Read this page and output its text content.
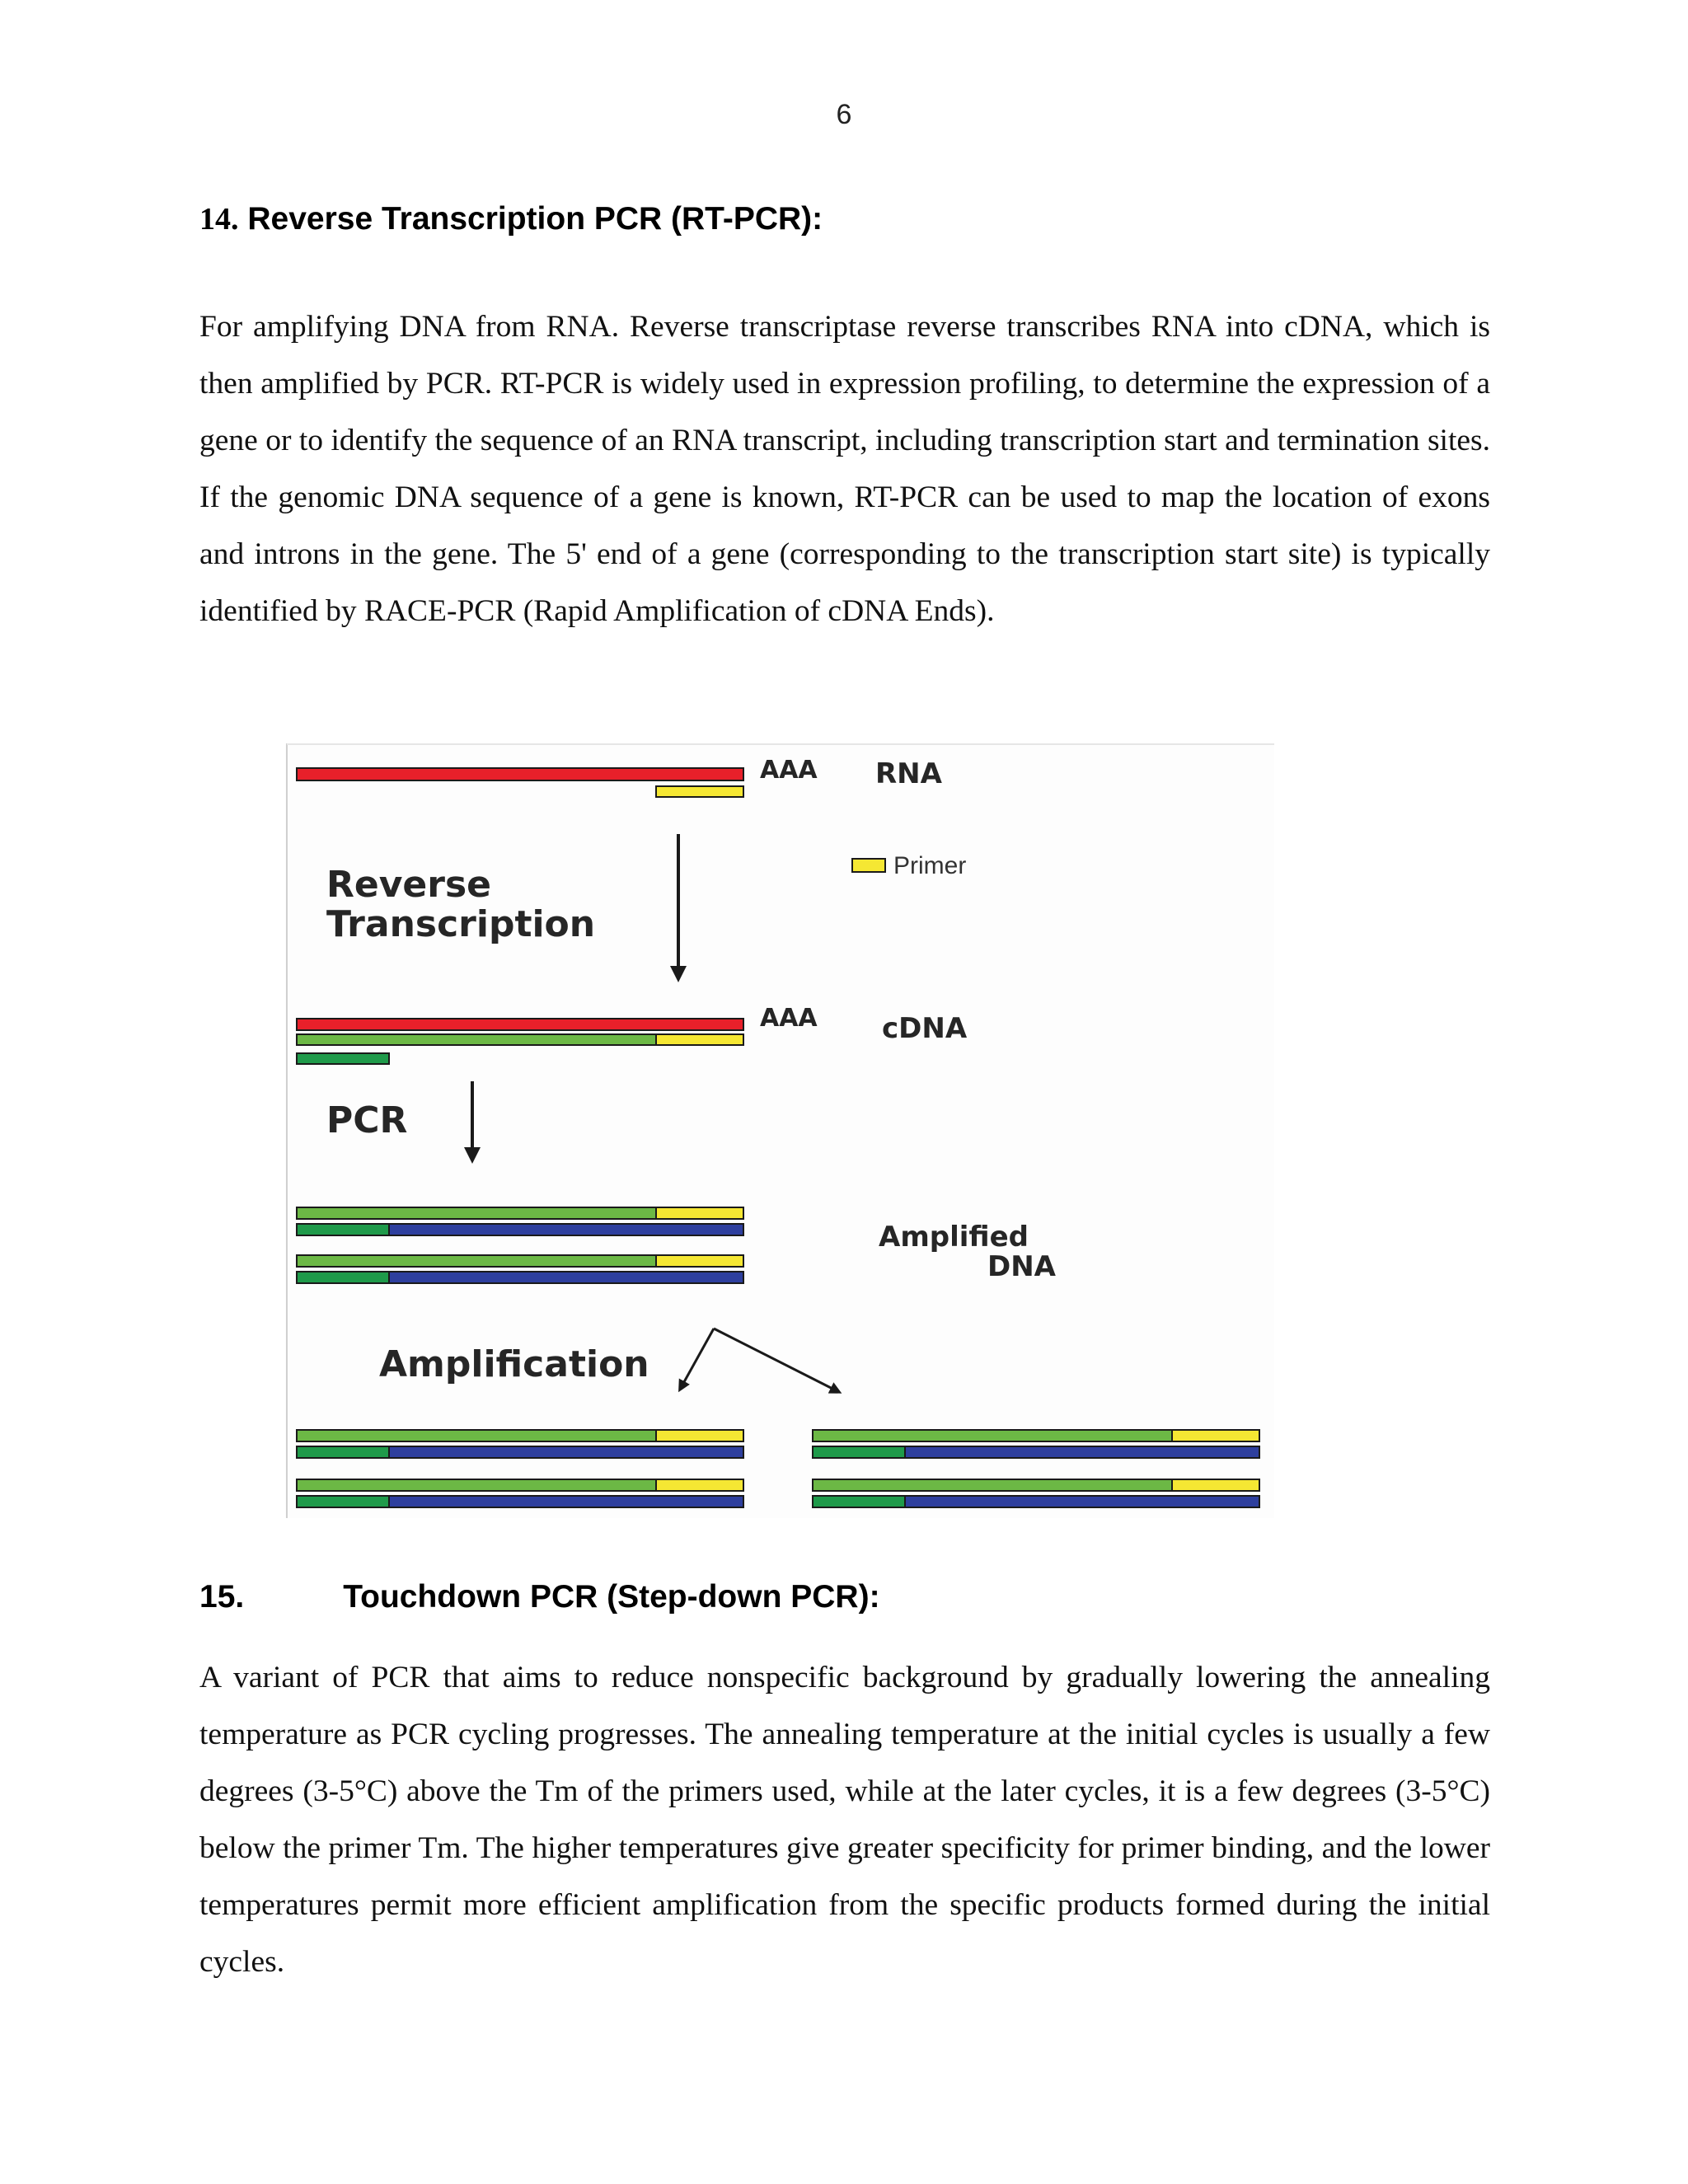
6
14. Reverse Transcription PCR (RT-PCR):

For amplifying DNA from RNA. Reverse transcriptase reverse transcribes RNA into cDNA, which is then amplified by PCR. RT-PCR is widely used in expression profiling, to determine the expression of a gene or to identify the sequence of an RNA transcript, including transcription start and termination sites. If the genomic DNA sequence of a gene is known, RT-PCR can be used to map the location of exons and introns in the gene. The 5' end of a gene (corresponding to the transcription start site) is typically identified by RACE-PCR (Rapid Amplification of cDNA Ends).

AAA RNA
Primer
Reverse
Transcription
AAA cDNA
PCR
Amplified
DNA
Amplification
15.	Touchdown PCR (Step-down PCR):

A variant of PCR that aims to reduce nonspecific background by gradually lowering the annealing temperature as PCR cycling progresses. The annealing temperature at the initial cycles is usually a few degrees (3-5°C) above the Tm of the primers used, while at the later cycles, it is a few degrees (3-5°C) below the primer Tm. The higher temperatures give greater specificity for primer binding, and the lower temperatures permit more efficient amplification from the specific products formed during the initial cycles.
